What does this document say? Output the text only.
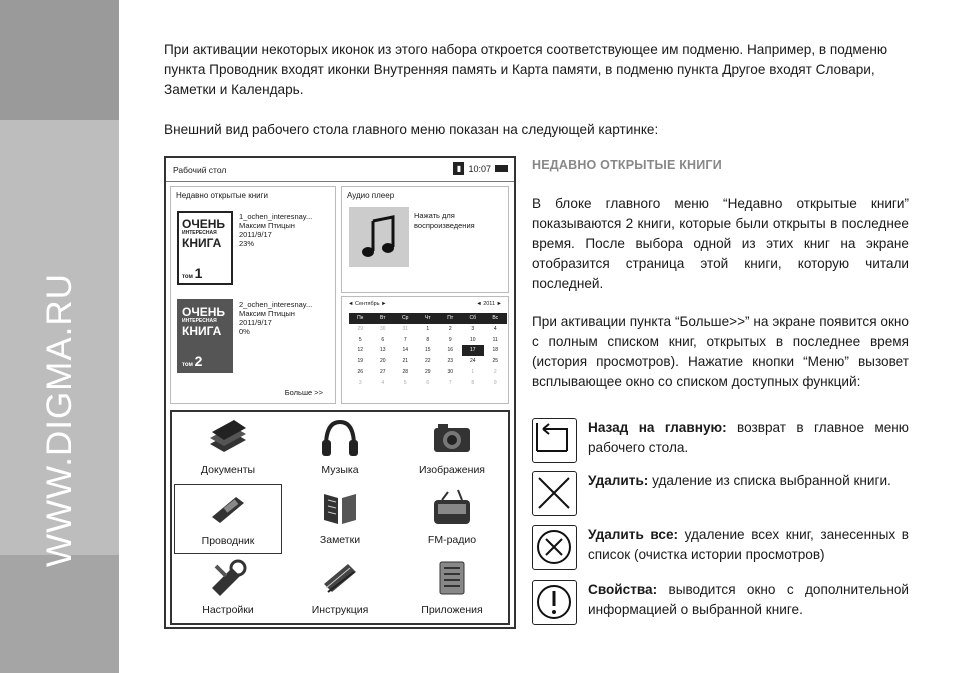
WWW.DIGMA.RU

При активации некоторых иконок из этого набора откроется соответствующее им подменю. Например, в подменю пункта Проводник входят иконки Внутренняя память и Карта памяти, в подменю пункта Другое входят Словари, Заметки и Календарь.

Внешний вид рабочего стола главного меню показан на следующей картинке:

Рабочий стол	▮ 10:07
Недавно открытые книги
ОЧЕНЬ
ИНТЕРЕСНАЯ
КНИГА
том 1
1_ochen_interesnay...
Максим Птицын
2011/9/17
23%
ОЧЕНЬ
ИНТЕРЕСНАЯ
КНИГА
том 2
2_ochen_interesnay...
Максим Птицын
2011/9/17
0%
Больше >>
Аудио плеер
Нажать для воспроизведения
◄ Сентябрь ►	◄ 2011 ►
Пн	Вт	Ср	Чт	Пт	Сб	Вс
29	30	31	1	2	3	4
5	6	7	8	9	10	11
12	13	14	15	16	17	18
19	20	21	22	23	24	25
26	27	28	29	30	1	2
3	4	5	6	7	8	9
Документы	Музыка	Изображения
Проводник	Заметки	FM-радио
Настройки	Инструкция	Приложения
НЕДАВНО ОТКРЫТЫЕ КНИГИ

В блоке главного меню “Недавно открытые книги” показываются 2 книги, которые были открыты в последнее время. После выбора одной из этих книг на экране отобразится страница этой книги, которую читали последней.

При активации пункта “Больше>>” на экране появится окно с полным списком книг, открытых в последнее время (история просмотров). Нажатие кнопки “Меню” вызовет всплывающее окно со списком доступных функций:

Назад на главную: возврат в главное меню рабочего стола.
Удалить: удаление из списка выбранной книги.
Удалить все: удаление всех книг, занесенных в список (очистка истории просмотров)
Свойства: выводится окно с дополнительной информацией о выбранной книге.
